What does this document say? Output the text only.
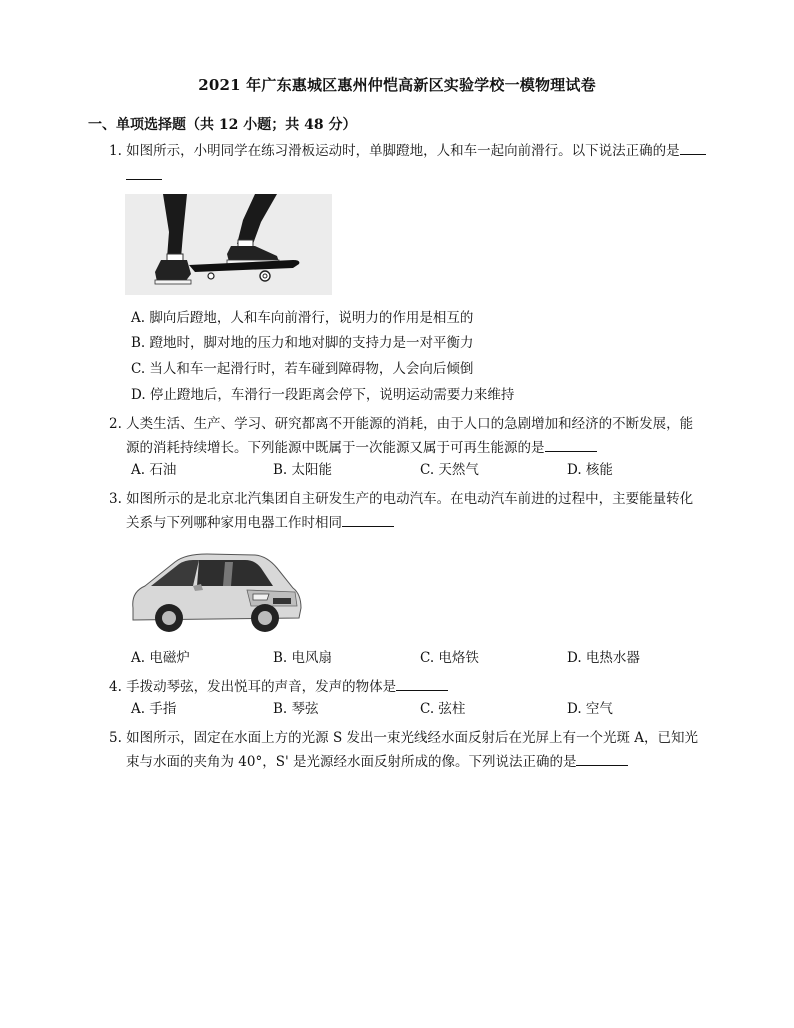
2021 年广东惠城区惠州仲恺高新区实验学校一模物理试卷
一、单项选择题（共 12 小题；共 48 分）
1. 如图所示，小明同学在练习滑板运动时，单脚蹬地，人和车一起向前滑行。以下说法正确的是
A. 脚向后蹬地，人和车向前滑行，说明力的作用是相互的
B. 蹬地时，脚对地的压力和地对脚的支持力是一对平衡力
C. 当人和车一起滑行时，若车碰到障碍物，人会向后倾倒
D. 停止蹬地后，车滑行一段距离会停下，说明运动需要力来维持
2. 人类生活、生产、学习、研究都离不开能源的消耗，由于人口的急剧增加和经济的不断发展，能
源的消耗持续增长。下列能源中既属于一次能源又属于可再生能源的是
A. 石油	B. 太阳能	C. 天然气	D. 核能
3. 如图所示的是北京北汽集团自主研发生产的电动汽车。在电动汽车前进的过程中，主要能量转化
关系与下列哪种家用电器工作时相同
A. 电磁炉	B. 电风扇	C. 电烙铁	D. 电热水器
4. 手拨动琴弦，发出悦耳的声音，发声的物体是
A. 手指	B. 琴弦	C. 弦柱	D. 空气
5. 如图所示，固定在水面上方的光源 S 发出一束光线经水面反射后在光屏上有一个光斑 A，已知光
束与水面的夹角为 40°，S' 是光源经水面反射所成的像。下列说法正确的是
